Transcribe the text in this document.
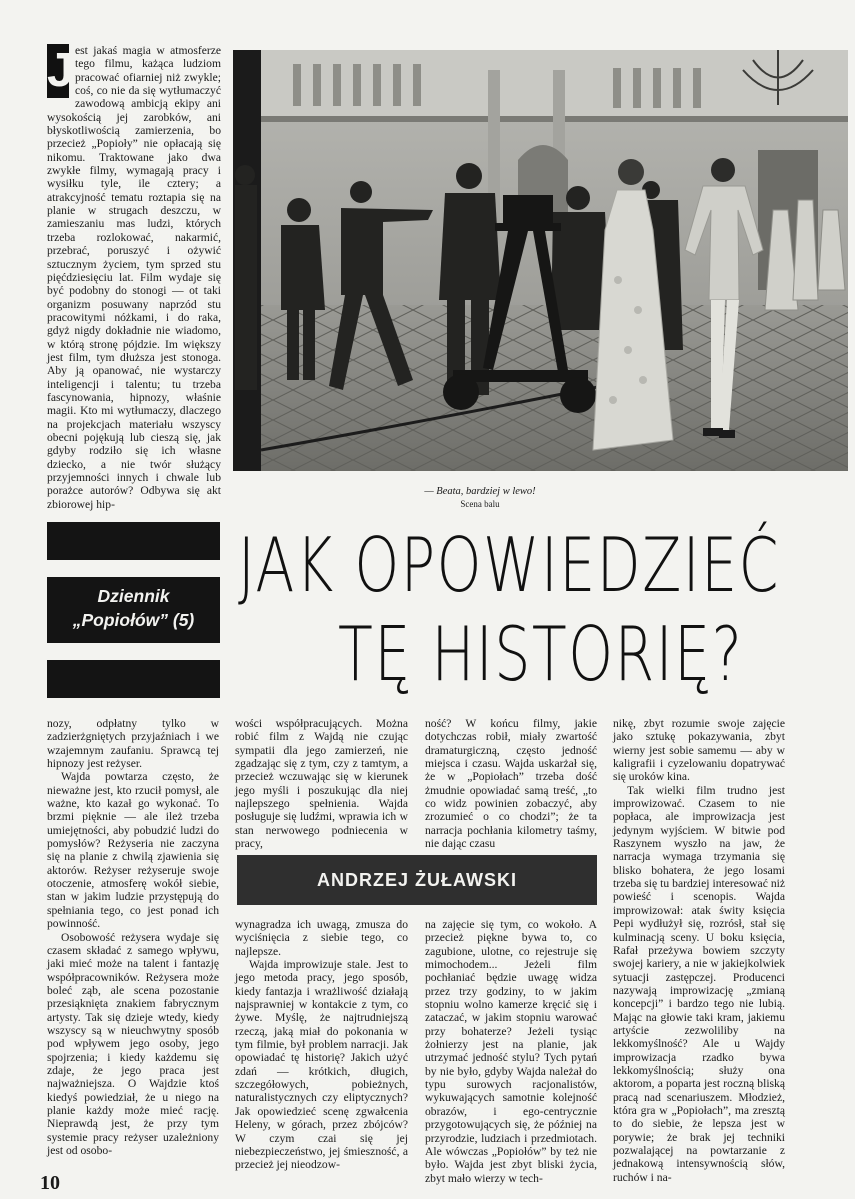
J est jakaś magia w atmosferze tego filmu, każąca ludziom pracować ofiarniej niż zwykle; coś, co nie da się wytłumaczyć zawodową ambicją ekipy ani wysokością jej zarobków, ani błyskotliwością zamierzenia, bo przecież „Popioły” nie opłacają się nikomu. Traktowane jako dwa zwykłe filmy, wymagają pracy i wysiłku tyle, ile cztery; a atrakcyjność tematu roztapia się na planie w strugach deszczu, w zamieszaniu mas ludzi, których trzeba rozlokować, nakarmić, przebrać, poruszyć i ożywić sztucznym życiem, tym sprzed stu pięćdziesięciu lat. Film wydaje się być podobny do stonogi — ot taki organizm posuwany naprzód stu pracowitymi nóżkami, i do raka, gdyż nigdy dokładnie nie wiadomo, w którą stronę pójdzie. Im większy jest film, tym dłuższa jest stonoga. Aby ją opanować, nie wystarczy inteligencji i talentu; tu trzeba fascynowania, hipnozy, właśnie magii. Kto mi wytłumaczy, dlaczego na projekcjach materiału wszyscy obecni pojękują lub cieszą się, jak gdyby rodziło się ich własne dziecko, a nie twór służący przyjemności innych i chwale lub porażce autorów? Odbywa się akt zbiorowej hip-
— Beata, bardziej w lewo!
Scena balu
Dziennik
„Popiołów” (5)
JAK OPOWIEDZIEĆ
TĘ HISTORIĘ?

nozy, odpłatny tylko w zadzierżgniętych przyjaźniach i we wzajemnym zaufaniu. Sprawcą tej hipnozy jest reżyser.

Wajda powtarza często, że nieważne jest, kto rzucił pomysł, ale ważne, kto kazał go wykonać. To brzmi pięknie — ale ileż trzeba umiejętności, aby pobudzić ludzi do pomysłów? Reżyseria nie zaczyna się na planie z chwilą zjawienia się aktorów. Reżyser reżyseruje swoje otoczenie, atmosferę wokół siebie, stan w jakim ludzie przystępują do spełniania tego, co jest ponad ich powinność.

Osobowość reżysera wydaje się czasem składać z samego wpływu, jaki mieć może na talent i fantazję współpracowników. Reżysera może boleć ząb, ale scena pozostanie przesiąknięta znakiem fabrycznym artysty. Tak się dzieje wtedy, kiedy wszyscy są w nieuchwytny sposób pod wpływem jego osoby, jego spojrzenia; i kiedy każdemu się zdaje, że jego praca jest najważniejsza. O Wajdzie ktoś kiedyś powiedział, że u niego na planie każdy może mieć rację. Nieprawdą jest, że przy tym systemie pracy reżyser uzależniony jest od osobo-

wości współpracujących. Można robić film z Wajdą nie czując sympatii dla jego zamierzeń, nie zgadzając się z tym, czy z tamtym, a przecież wczuwając się w kierunek jego myśli i poszukując dla niej najlepszego spełnienia. Wajda posługuje się ludźmi, wprawia ich w stan nerwowego podniecenia w pracy,

ność? W końcu filmy, jakie dotychczas robił, miały zwartość dramaturgiczną, często jedność miejsca i czasu. Wajda uskarżał się, że w „Popiołach” trzeba dość żmudnie opowiadać samą treść, „to co widz powinien zobaczyć, aby zrozumieć o co chodzi”; że ta narracja pochłania kilometry taśmy, nie dając czasu

ANDRZEJ ŻUŁAWSKI

wynagradza ich uwagą, zmusza do wyciśnięcia z siebie tego, co najlepsze.

Wajda improwizuje stale. Jest to jego metoda pracy, jego sposób, kiedy fantazja i wrażliwość działają najsprawniej w kontakcie z tym, co żywe. Myślę, że najtrudniejszą rzeczą, jaką miał do pokonania w tym filmie, był problem narracji. Jak opowiadać tę historię? Jakich użyć zdań — krótkich, długich, szczegółowych, pobieżnych, naturalistycznych czy eliptycznych? Jak opowiedzieć scenę zgwałcenia Heleny, w górach, przez zbójców? W czym czai się jej niebezpieczeństwo, jej śmieszność, a przecież jej nieodzow-

na zajęcie się tym, co wokoło. A przecież piękne bywa to, co zagubione, ulotne, co rejestruje się mimochodem... Jeżeli film pochłaniać będzie uwagę widza przez trzy godziny, to w jakim stopniu wolno kamerze kręcić się i zataczać, w jakim stopniu warować przy bohaterze? Jeżeli tysiąc żołnierzy jest na planie, jak utrzymać jedność stylu? Tych pytań by nie było, gdyby Wajda należał do typu surowych racjonalistów, wykuwających samotnie kolejność obrazów, i ego-centrycznie przygotowujących się, że później na przyrodzie, ludziach i przedmiotach. Ale wówczas „Popiołów” by też nie było. Wajda jest zbyt bliski życia, zbyt mało wierzy w tech-

nikę, zbyt rozumie swoje zajęcie jako sztukę pokazywania, zbyt wierny jest sobie samemu — aby w kaligrafii i cyzelowaniu dopatrywać się uroków kina.

Tak wielki film trudno jest improwizować. Czasem to nie popłaca, ale improwizacja jest jedynym wyjściem. W bitwie pod Raszynem wyszło na jaw, że narracja wymaga trzymania się blisko bohatera, że jego losami trzeba się tu bardziej interesować niż powieść i scenopis. Wajda improwizował: atak świty księcia Pepi wydłużył się, rozrósł, stał się kulminacją sceny. U boku księcia, Rafał przeżywa bowiem szczyty swojej kariery, a nie w jakiejkolwiek sytuacji zastępczej. Producenci nazywają improwizację „zmianą koncepcji” i bardzo tego nie lubią. Mając na głowie taki kram, jakiemu artyście zezwoliliby na lekkomyślność? Ale u Wajdy improwizacja rzadko bywa lekkomyślnością; służy ona aktorom, a poparta jest roczną bliską pracą nad scenariuszem. Młodzież, która gra w „Popiołach”, ma zresztą to do siebie, że lepsza jest w porywie; że brak jej techniki pozwalającej na powtarzanie z jednakową intensywnością słów, ruchów i na-

10
